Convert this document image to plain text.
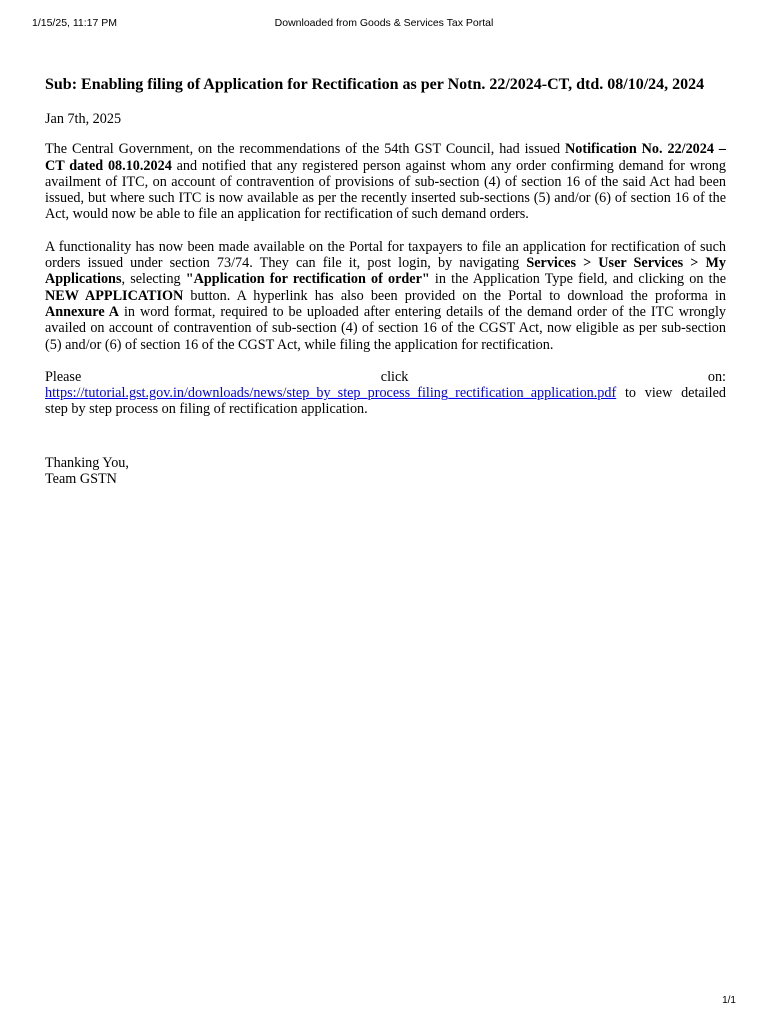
1/15/25, 11:17 PM	Downloaded from Goods & Services Tax Portal
Sub: Enabling filing of Application for Rectification as per Notn. 22/2024-CT, dtd. 08/10/24, 2024
Jan 7th, 2025

The Central Government, on the recommendations of the 54th GST Council, had issued Notification No. 22/2024 – CT dated 08.10.2024 and notified that any registered person against whom any order confirming demand for wrong availment of ITC, on account of contravention of provisions of sub-section (4) of section 16 of the said Act had been issued, but where such ITC is now available as per the recently inserted sub-sections (5) and/or (6) of section 16 of the Act, would now be able to file an application for rectification of such demand orders.

A functionality has now been made available on the Portal for taxpayers to file an application for rectification of such orders issued under section 73/74. They can file it, post login, by navigating Services > User Services > My Applications, selecting "Application for rectification of order" in the Application Type field, and clicking on the NEW APPLICATION button. A hyperlink has also been provided on the Portal to download the proforma in Annexure A in word format, required to be uploaded after entering details of the demand order of the ITC wrongly availed on account of contravention of sub-section (4) of section 16 of the CGST Act, now eligible as per sub-section (5) and/or (6) of section 16 of the CGST Act, while filing the application for rectification.

Please	click	on:
https://tutorial.gst.gov.in/downloads/news/step_by_step_process_filing_rectification_application.pdf to view detailed step by step process on filing of rectification application.
Thanking You,
Team GSTN
1/1
